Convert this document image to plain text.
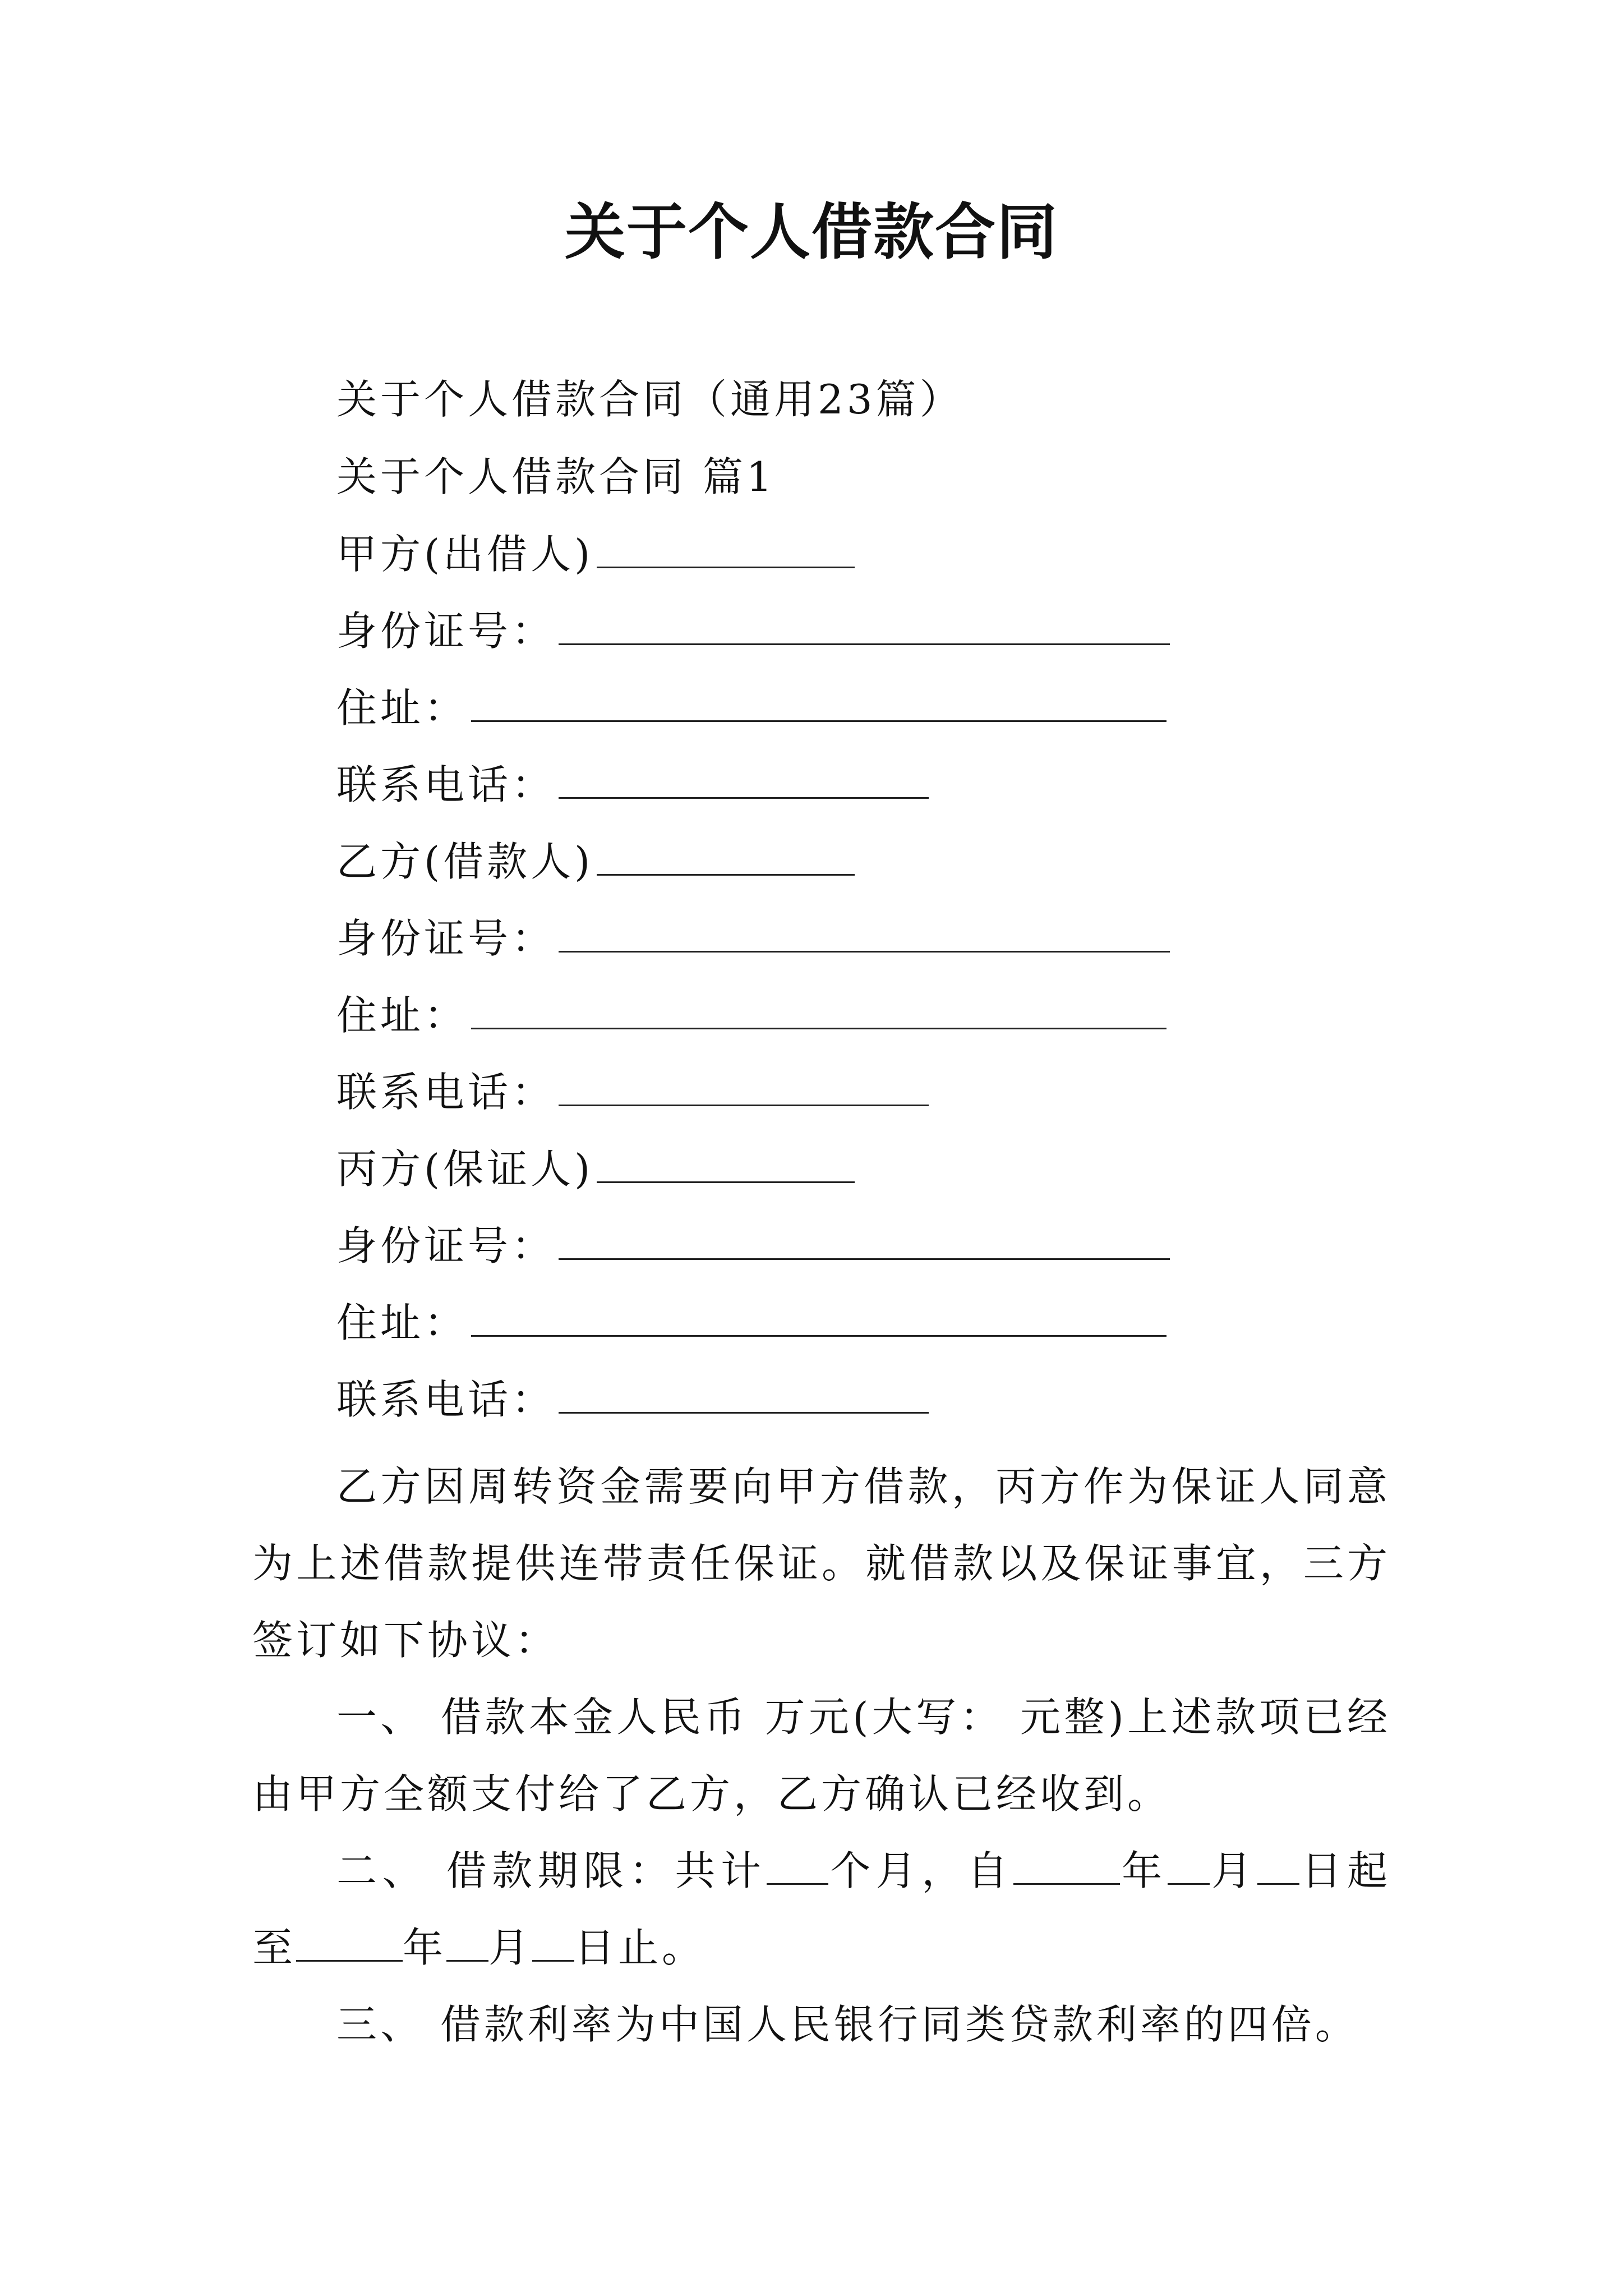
关于个人借款合同
关于个人借款合同（通用23篇）
关于个人借款合同 篇1
甲方(出借人)
身份证号：
住址：
联系电话：
乙方(借款人)
身份证号：
住址：
联系电话：
丙方(保证人)
身份证号：
住址：
联系电话：
乙方因周转资金需要向甲方借款，丙方作为保证人同意为上述借款提供连带责任保证。就借款以及保证事宜，三方签订如下协议：
一、 借款本金人民币 万元(大写： 元整)上述款项已经由甲方全额支付给了乙方，乙方确认已经收到。
二、 借款期限：共计 个月，自	年 月 日起至	年 月 日止。
三、 借款利率为中国人民银行同类贷款利率的四倍。
